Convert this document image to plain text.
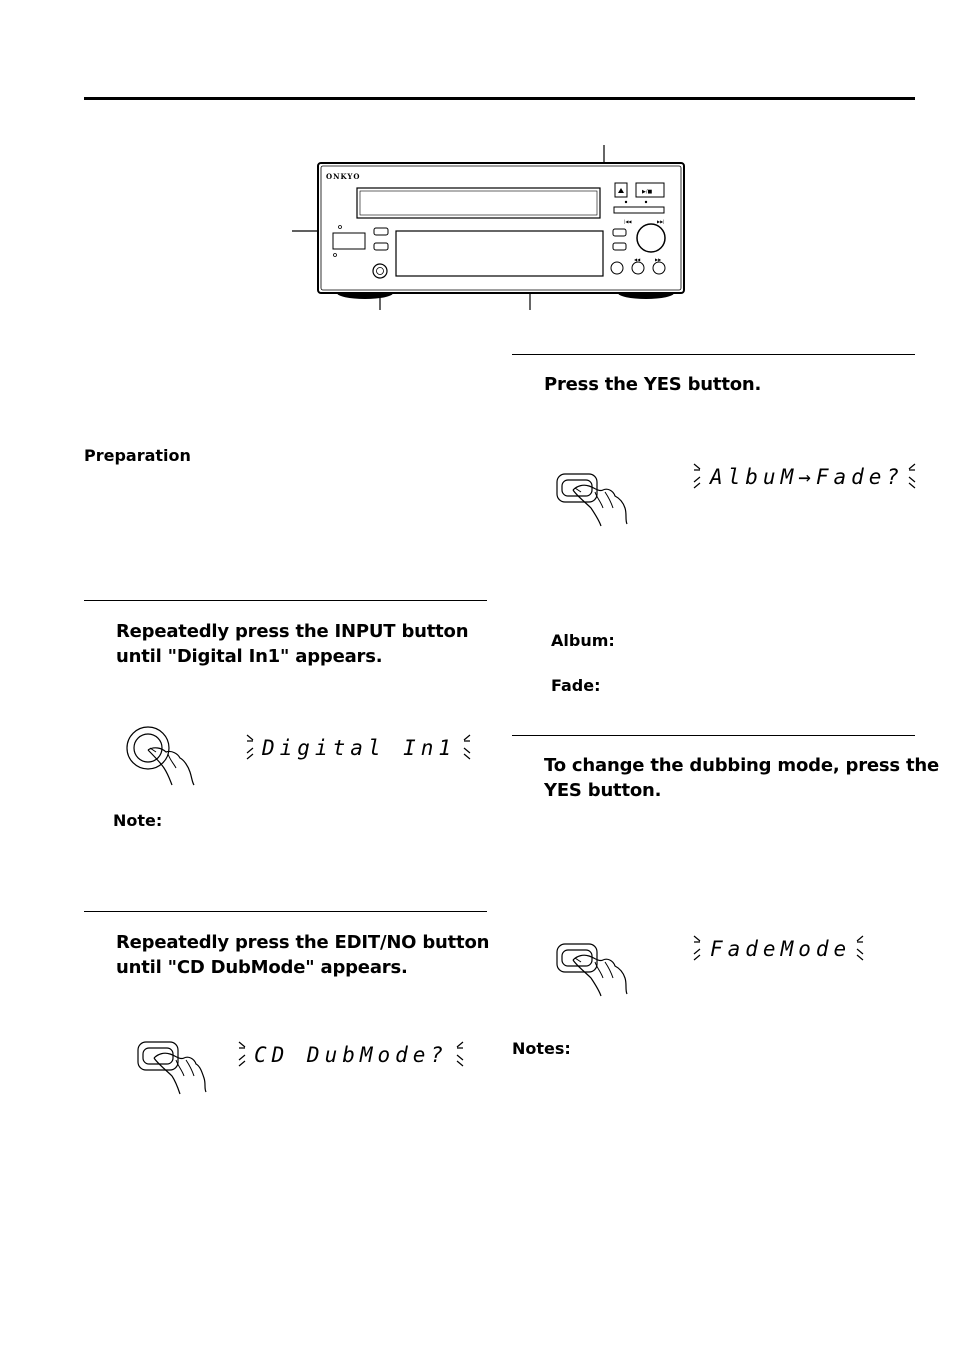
ONKYO
▶/■
|◀◀	▶▶|
◀◀	▶▶
Press the YES button.
Preparation
AlbuM→Fade?
Repeatedly press the INPUT button
until "Digital In1" appears.
Album:
Fade:
To change the dubbing mode, press the
YES button.
Digital In1
Note:
Repeatedly press the EDIT/NO button
until "CD DubMode" appears.
FadeMode
CD DubMode?	Notes:
